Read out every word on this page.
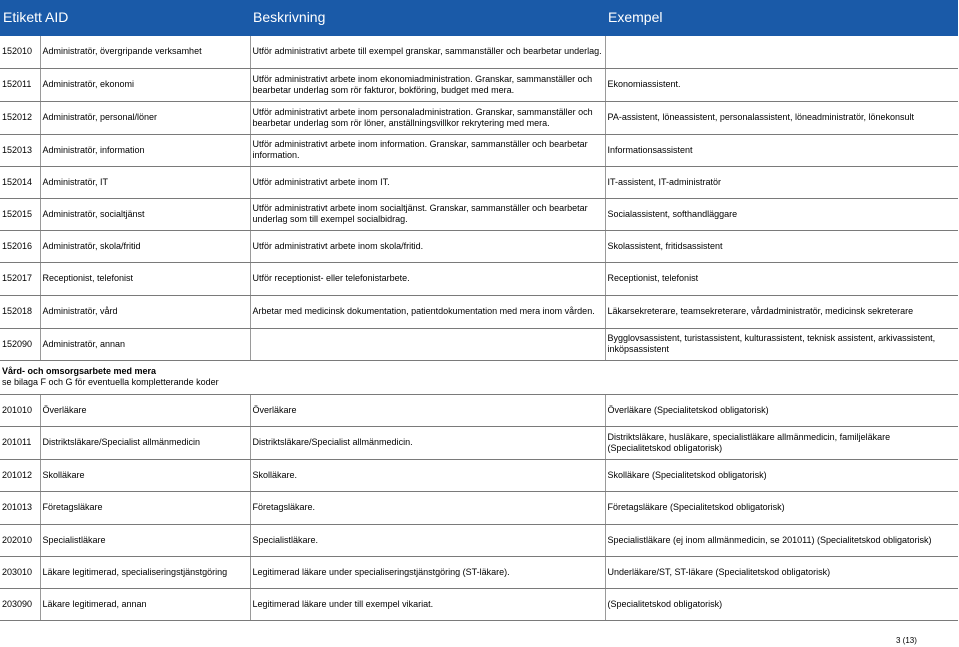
Etikett AID		Beskrivning	Exempel
152010	Administratör, övergripande verksamhet	Utför administrativt arbete till exempel granskar, sammanställer och bearbetar underlag.	
152011	Administratör, ekonomi	Utför administrativt arbete inom ekonomiadministration. Granskar, sammanställer och bearbetar underlag som rör fakturor, bokföring, budget med mera.	Ekonomiassistent.
152012	Administratör, personal/löner	Utför administrativt arbete inom personaladministration. Granskar, sammanställer och bearbetar underlag som rör löner, anställningsvillkor rekrytering med mera.	PA-assistent, löneassistent, personalassistent, löneadministratör, lönekonsult
152013	Administratör, information	Utför administrativt arbete inom information. Granskar, sammanställer och bearbetar information.	Informationsassistent
152014	Administratör, IT	Utför administrativt arbete inom IT.	IT-assistent, IT-administratör
152015	Administratör, socialtjänst	Utför administrativt arbete inom socialtjänst. Granskar, sammanställer och bearbetar underlag som till exempel socialbidrag.	Socialassistent, softhandläggare
152016	Administratör, skola/fritid	Utför administrativt arbete inom skola/fritid.	Skolassistent, fritidsassistent
152017	Receptionist, telefonist	Utför receptionist- eller telefonistarbete.	Receptionist, telefonist
152018	Administratör, vård	Arbetar med medicinsk dokumentation, patientdokumentation med mera inom vården.	Läkarsekreterare, teamsekreterare, vårdadministratör, medicinsk sekreterare
152090	Administratör, annan		Bygglovsassistent, turistassistent, kulturassistent, teknisk assistent, arkivassistent, inköpsassistent

Vård- och omsorgsarbete med mera
se bilaga F och G för eventuella kompletterande koder			

201010	Överläkare	Överläkare	Överläkare (Specialitetskod obligatorisk)
201011	Distriktsläkare/Specialist allmänmedicin	Distriktsläkare/Specialist allmänmedicin.	Distriktsläkare, husläkare, specialistläkare allmänmedicin, familjeläkare (Specialitetskod obligatorisk)
201012	Skolläkare	Skolläkare.	Skolläkare (Specialitetskod obligatorisk)
201013	Företagsläkare	Företagsläkare.	Företagsläkare (Specialitetskod obligatorisk)
202010	Specialistläkare	Specialistläkare.	Specialistläkare (ej inom allmänmedicin, se 201011) (Specialitetskod obligatorisk)
203010	Läkare legitimerad, specialiseringstjänstgöring	Legitimerad läkare under specialiseringstjänstgöring (ST-läkare).	Underläkare/ST, ST-läkare (Specialitetskod obligatorisk)
203090	Läkare legitimerad, annan	Legitimerad läkare under till exempel vikariat.	(Specialitetskod obligatorisk)
3 (13)
